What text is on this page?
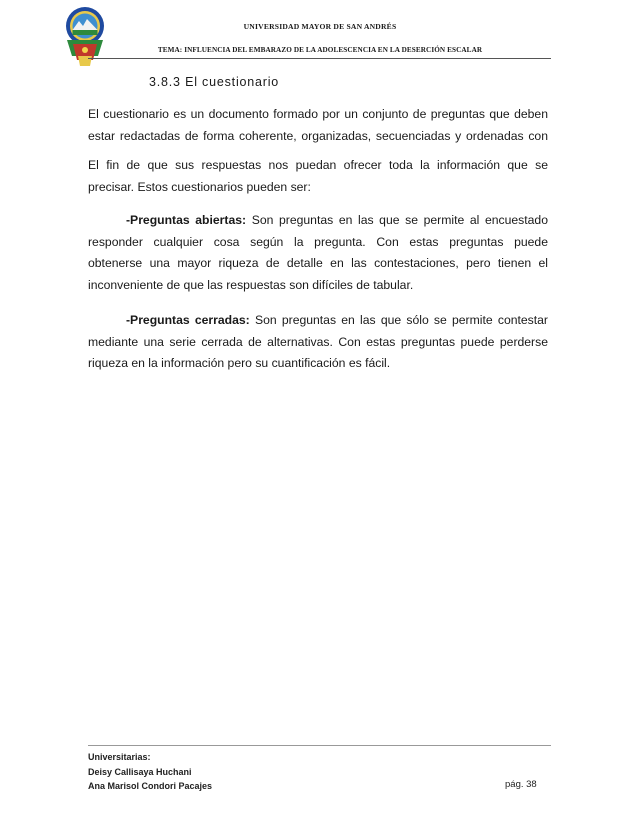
UNIVERSIDAD MAYOR DE SAN ANDRÉS
TEMA: INFLUENCIA DEL EMBARAZO DE LA ADOLESCENCIA EN LA DESERCIÓN ESCALAR
3.8.3 El cuestionario
El cuestionario es un documento formado por un conjunto de preguntas que deben
estar redactadas de forma coherente, organizadas, secuenciadas y ordenadas con
El fin de que sus respuestas nos puedan ofrecer toda la información que se
precisar. Estos cuestionarios pueden ser:
-Preguntas abiertas: Son preguntas en las que se permite al encuestado
responder cualquier cosa según la pregunta. Con estas preguntas puede
obtenerse una mayor riqueza de detalle en las contestaciones, pero tienen el
inconveniente de que las respuestas son difíciles de tabular.
-Preguntas cerradas: Son preguntas en las que sólo se permite contestar
mediante una serie cerrada de alternativas. Con estas preguntas puede perderse
riqueza en la información pero su cuantificación es fácil.
Universitarias:
Deisy Callisaya Huchani
Ana Marisol Condori Pacajes	pág. 38
